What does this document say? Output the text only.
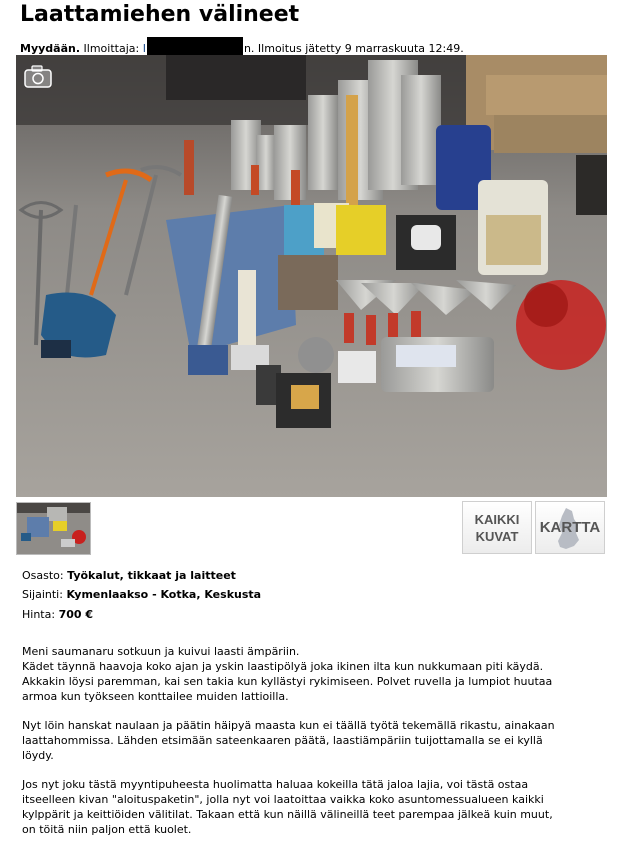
Laattamiehen välineet
Myydään. Ilmoittaja: I	n. Ilmoitus jätetty 9 marraskuuta 12:49.
KAIKKI
KUVAT KARTTA
Osasto: Työkalut, tikkaat ja laitteet
Sijainti: Kymenlaakso - Kotka, Keskusta
Hinta: 700 €

Meni saumanaru sotkuun ja kuivui laasti ämpäriin.
Kädet täynnä haavoja koko ajan ja yskin laastipölyä joka ikinen ilta kun nukkumaan piti käydä.
Akkakin löysi paremman, kai sen takia kun kyllästyi rykimiseen. Polvet ruvella ja lumpiot huutaa
armoa kun työkseen konttailee muiden lattioilla.

Nyt löin hanskat naulaan ja päätin häipyä maasta kun ei täällä työtä tekemällä rikastu, ainakaan
laattahommissa. Lähden etsimään sateenkaaren päätä, laastiämpäriin tuijottamalla se ei kyllä
löydy.

Jos nyt joku tästä myyntipuheesta huolimatta haluaa kokeilla tätä jaloa lajia, voi tästä ostaa
itseelleen kivan "aloituspaketin", jolla nyt voi laatoittaa vaikka koko asuntomessualueen kaikki
kylppärit ja keittiöiden välitilat. Takaan että kun näillä välineillä teet parempaa jälkeä kuin muut,
on töitä niin paljon että kuolet.
